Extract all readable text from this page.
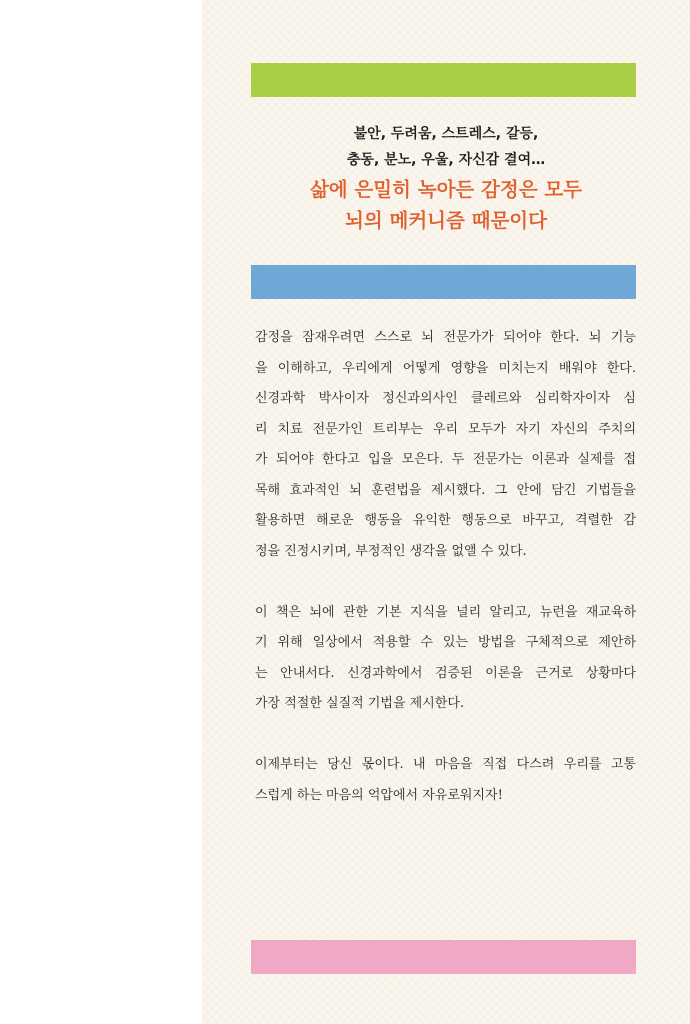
불안, 두려움, 스트레스, 갈등,

충동, 분노, 우울, 자신감 결여…

삶에 은밀히 녹아든 감정은 모두

뇌의 메커니즘 때문이다

감정을 잠재우려면 스스로 뇌 전문가가 되어야 한다. 뇌 기능
을 이해하고, 우리에게 어떻게 영향을 미치는지 배워야 한다.
신경과학 박사이자 정신과의사인 클레르와 심리학자이자 심
리 치료 전문가인 트리부는 우리 모두가 자기 자신의 주치의
가 되어야 한다고 입을 모은다. 두 전문가는 이론과 실제를 접
목해 효과적인 뇌 훈련법을 제시했다. 그 안에 담긴 기법들을
활용하면 해로운 행동을 유익한 행동으로 바꾸고, 격렬한 감
정을 진정시키며, 부정적인 생각을 없앨 수 있다.
이 책은 뇌에 관한 기본 지식을 널리 알리고, 뉴런을 재교육하
기 위해 일상에서 적용할 수 있는 방법을 구체적으로 제안하
는 안내서다. 신경과학에서 검증된 이론을 근거로 상황마다
가장 적절한 실질적 기법을 제시한다.
이제부터는 당신 몫이다. 내 마음을 직접 다스려 우리를 고통
스럽게 하는 마음의 억압에서 자유로워지자!
